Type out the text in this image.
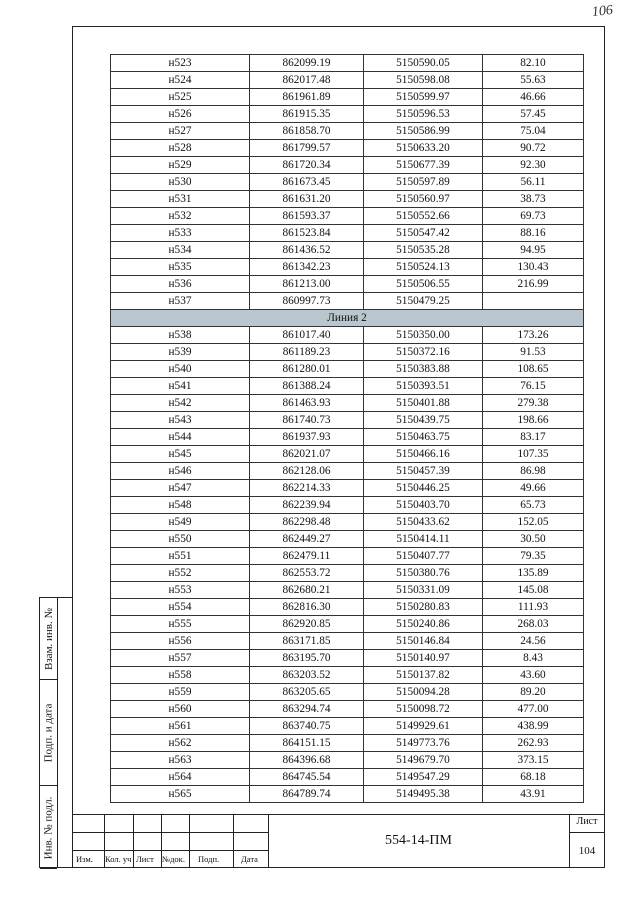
106
Взам. инв. №
Подп. и дата
Инв. № подл.
н523	862099.19	5150590.05	82.10
н524	862017.48	5150598.08	55.63
н525	861961.89	5150599.97	46.66
н526	861915.35	5150596.53	57.45
н527	861858.70	5150586.99	75.04
н528	861799.57	5150633.20	90.72
н529	861720.34	5150677.39	92.30
н530	861673.45	5150597.89	56.11
н531	861631.20	5150560.97	38.73
н532	861593.37	5150552.66	69.73
н533	861523.84	5150547.42	88.16
н534	861436.52	5150535.28	94.95
н535	861342.23	5150524.13	130.43
н536	861213.00	5150506.55	216.99
н537	860997.73	5150479.25	
Линия 2			
н538	861017.40	5150350.00	173.26
н539	861189.23	5150372.16	91.53
н540	861280.01	5150383.88	108.65
н541	861388.24	5150393.51	76.15
н542	861463.93	5150401.88	279.38
н543	861740.73	5150439.75	198.66
н544	861937.93	5150463.75	83.17
н545	862021.07	5150466.16	107.35
н546	862128.06	5150457.39	86.98
н547	862214.33	5150446.25	49.66
н548	862239.94	5150403.70	65.73
н549	862298.48	5150433.62	152.05
н550	862449.27	5150414.11	30.50
н551	862479.11	5150407.77	79.35
н552	862553.72	5150380.76	135.89
н553	862680.21	5150331.09	145.08
н554	862816.30	5150280.83	111.93
н555	862920.85	5150240.86	268.03
н556	863171.85	5150146.84	24.56
н557	863195.70	5150140.97	8.43
н558	863203.52	5150137.82	43.60
н559	863205.65	5150094.28	89.20
н560	863294.74	5150098.72	477.00
н561	863740.75	5149929.61	438.99
н562	864151.15	5149773.76	262.93
н563	864396.68	5149679.70	373.15
н564	864745.54	5149547.29	68.18
н565	864789.74	5149495.38	43.91
Изм. Кол. уч Лист №док. Подп.	Дата
554-14-ПМ
Лист
104
